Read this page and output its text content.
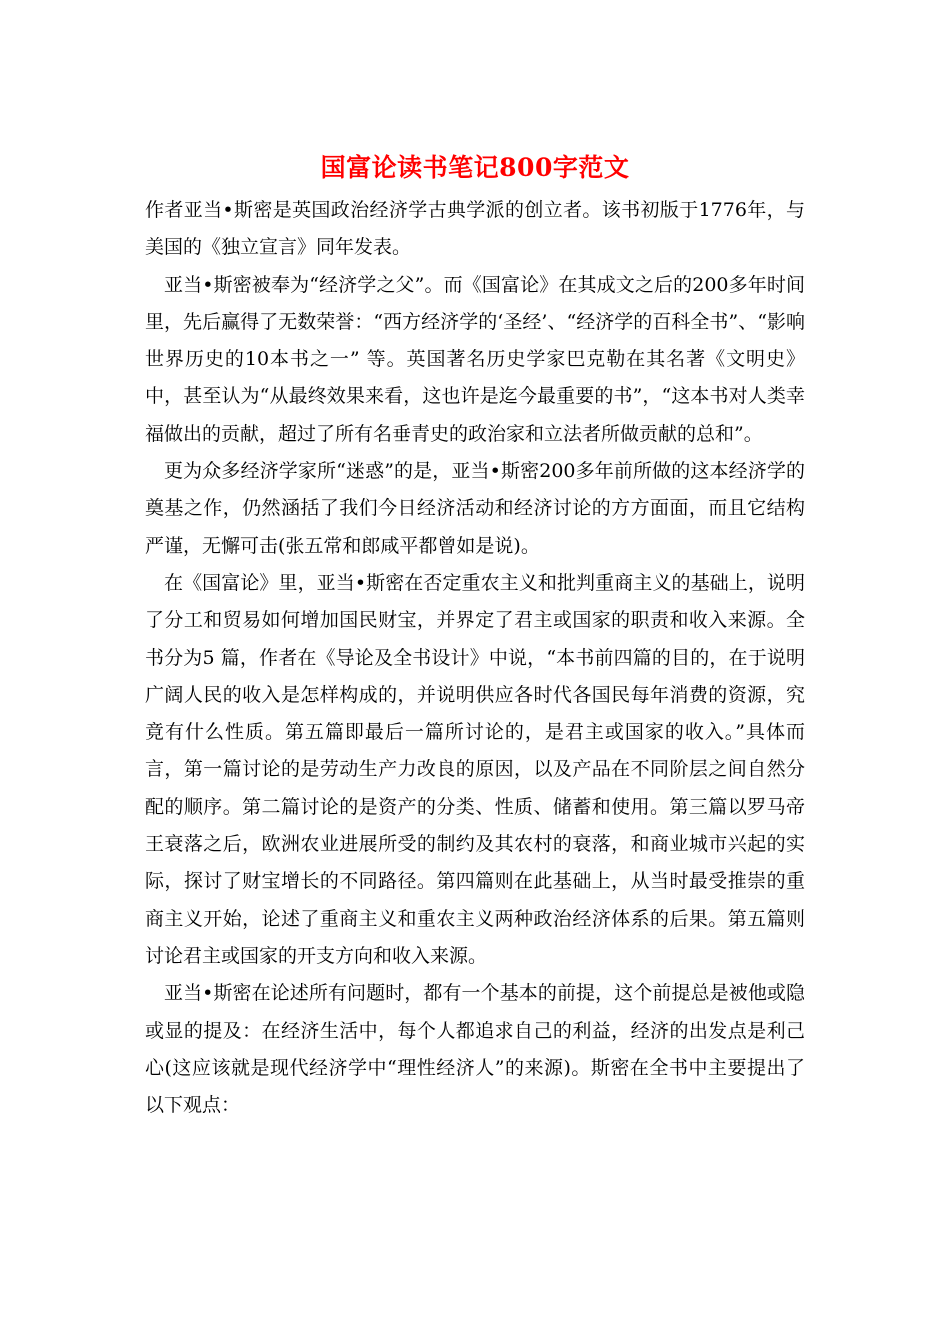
国富论读书笔记800字范文

作者亚当•斯密是英国政治经济学古典学派的创立者。该书初版于1776年，与美国的《独立宣言》同年发表。

亚当•斯密被奉为“经济学之父”。而《国富论》在其成文之后的200多年时间里，先后赢得了无数荣誉：“西方经济学的‘圣经’、“经济学的百科全书”、“影响世界历史的10本书之一” 等。英国著名历史学家巴克勒在其名著《文明史》中，甚至认为“从最终效果来看，这也许是迄今最重要的书”，“这本书对人类幸福做出的贡献，超过了所有名垂青史的政治家和立法者所做贡献的总和”。

更为众多经济学家所“迷惑”的是，亚当•斯密200多年前所做的这本经济学的奠基之作，仍然涵括了我们今日经济活动和经济讨论的方方面面，而且它结构严谨，无懈可击(张五常和郎咸平都曾如是说)。

在《国富论》里，亚当•斯密在否定重农主义和批判重商主义的基础上，说明了分工和贸易如何增加国民财宝，并界定了君主或国家的职责和收入来源。全书分为5 篇，作者在《导论及全书设计》中说，“本书前四篇的目的，在于说明广阔人民的收入是怎样构成的，并说明供应各时代各国民每年消费的资源，究竟有什么性质。第五篇即最后一篇所讨论的，是君主或国家的收入。”具体而言，第一篇讨论的是劳动生产力改良的原因，以及产品在不同阶层之间自然分配的顺序。第二篇讨论的是资产的分类、性质、储蓄和使用。第三篇以罗马帝王衰落之后，欧洲农业进展所受的制约及其农村的衰落，和商业城市兴起的实际，探讨了财宝增长的不同路径。第四篇则在此基础上，从当时最受推崇的重商主义开始，论述了重商主义和重农主义两种政治经济体系的后果。第五篇则讨论君主或国家的开支方向和收入来源。

亚当•斯密在论述所有问题时，都有一个基本的前提，这个前提总是被他或隐或显的提及：在经济生活中，每个人都追求自己的利益，经济的出发点是利己心(这应该就是现代经济学中“理性经济人”的来源)。斯密在全书中主要提出了以下观点：
